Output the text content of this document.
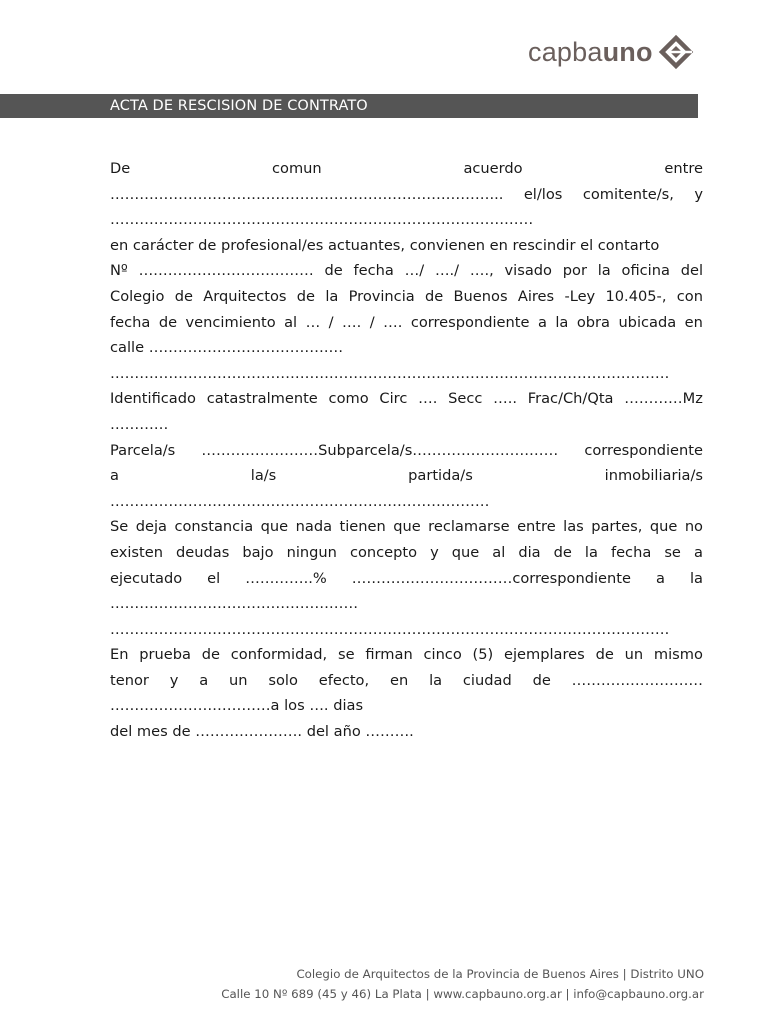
capbauno
ACTA DE RESCISION DE CONTRATO
De	comun	acuerdo	entre
……………………………………………………………………... el/los comitente/s, y
……………………………………………………………………………
en carácter de profesional/es actuantes, convienen en rescindir el contarto
Nº ……………………………… de fecha …/ …./ …., visado por la oficina del
Colegio de Arquitectos de la Provincia de Buenos Aires -Ley 10.405-, con
fecha de vencimiento al … / …. / …. correspondiente a la obra ubicada en
calle ……………………………….…
…………………………………………………………………………………………………….
Identificado catastralmente como Circ …. Secc ….. Frac/Ch/Qta …………Mz
…………
Parcela/s ……………………Subparcela/s………………………… correspondiente
a	la/s	partida/s	inmobiliaria/s
……………………………………………………………………
Se deja constancia que nada tienen que reclamarse entre las partes, que no
existen deudas bajo ningun concepto y que al dia de la fecha se a
ejecutado el …………..% ……………………………correspondiente a la
……………………………………………
…………………………………………………………………………………………………….
En prueba de conformidad, se firman cinco (5) ejemplares de un mismo
tenor y a un solo efecto, en la ciudad de ………………………
……………………………a los …. dias
del mes de …………………. del año ……….
Colegio de Arquitectos de la Provincia de Buenos Aires | Distrito UNO
Calle 10 Nº 689 (45 y 46) La Plata | www.capbauno.org.ar | info@capbauno.org.ar
